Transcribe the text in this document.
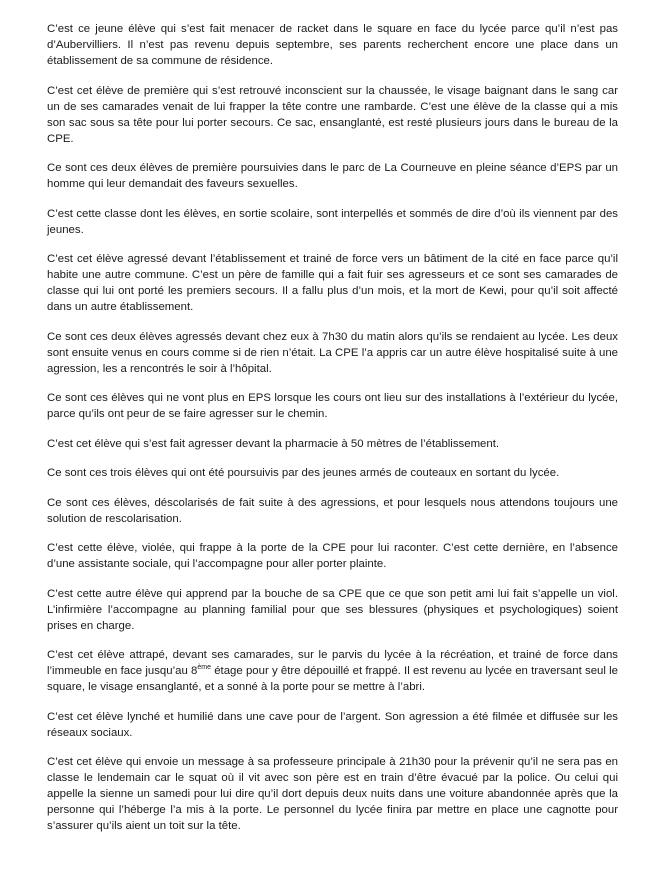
C’est ce jeune élève qui s’est fait menacer de racket dans le square en face du lycée parce qu’il n’est pas d’Aubervilliers. Il n’est pas revenu depuis septembre, ses parents recherchent encore une place dans un établissement de sa commune de résidence.

C’est cet élève de première qui s’est retrouvé inconscient sur la chaussée, le visage baignant dans le sang car un de ses camarades venait de lui frapper la tête contre une rambarde. C’est une élève de la classe qui a mis son sac sous sa tête pour lui porter secours. Ce sac, ensanglanté, est resté plusieurs jours dans le bureau de la CPE.

Ce sont ces deux élèves de première poursuivies dans le parc de La Courneuve en pleine séance d’EPS par un homme qui leur demandait des faveurs sexuelles.

C’est cette classe dont les élèves, en sortie scolaire, sont interpellés et sommés de dire d’où ils viennent par des jeunes.

C’est cet élève agressé devant l’établissement et trainé de force vers un bâtiment de la cité en face parce qu’il habite une autre commune. C’est un père de famille qui a fait fuir ses agresseurs et ce sont ses camarades de classe qui lui ont porté les premiers secours. Il a fallu plus d’un mois, et la mort de Kewi, pour qu’il soit affecté dans un autre établissement.

Ce sont ces deux élèves agressés devant chez eux à 7h30 du matin alors qu’ils se rendaient au lycée. Les deux sont ensuite venus en cours comme si de rien n’était. La CPE l’a appris car un autre élève hospitalisé suite à une agression, les a rencontrés le soir à l’hôpital.

Ce sont ces élèves qui ne vont plus en EPS lorsque les cours ont lieu sur des installations à l’extérieur du lycée, parce qu’ils ont peur de se faire agresser sur le chemin.

C’est cet élève qui s’est fait agresser devant la pharmacie à 50 mètres de l’établissement.

Ce sont ces trois élèves qui ont été poursuivis par des jeunes armés de couteaux en sortant du lycée.

Ce sont ces élèves, déscolarisés de fait suite à des agressions, et pour lesquels nous attendons toujours une solution de rescolarisation.

C’est cette élève, violée, qui frappe à la porte de la CPE pour lui raconter. C’est cette dernière, en l’absence d’une assistante sociale, qui l’accompagne pour aller porter plainte.

C’est cette autre élève qui apprend par la bouche de sa CPE que ce que son petit ami lui fait s’appelle un viol. L’infirmière l’accompagne au planning familial pour que ses blessures (physiques et psychologiques) soient prises en charge.

C’est cet élève attrapé, devant ses camarades, sur le parvis du lycée à la récréation, et trainé de force dans l’immeuble en face jusqu’au 8ème étage pour y être dépouillé et frappé. Il est revenu au lycée en traversant seul le square, le visage ensanglanté, et a sonné à la porte pour se mettre à l’abri.

C’est cet élève lynché et humilié dans une cave pour de l’argent. Son agression a été filmée et diffusée sur les réseaux sociaux.

C’est cet élève qui envoie un message à sa professeure principale à 21h30 pour la prévenir qu’il ne sera pas en classe le lendemain car le squat où il vit avec son père est en train d’être évacué par la police. Ou celui qui appelle la sienne un samedi pour lui dire qu’il dort depuis deux nuits dans une voiture abandonnée après que la personne qui l’héberge l’a mis à la porte. Le personnel du lycée finira par mettre en place une cagnotte pour s’assurer qu’ils aient un toit sur la tête.
